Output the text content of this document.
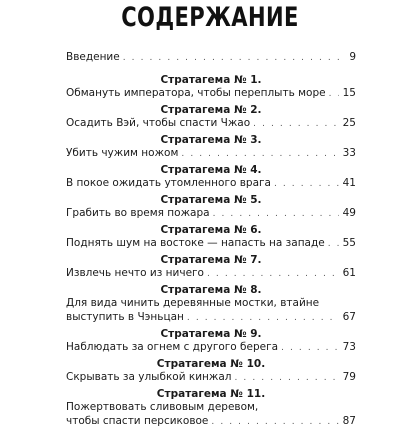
СОДЕРЖАНИЕ
Введение . . .	9
Стратагема № 1.
Обмануть императора, чтобы переплыть море . . . 15
Стратагема № 2.
Осадить Вэй, чтобы спасти Чжао . . .	25
Стратагема № 3.
Убить чужим ножом . . .	33
Стратагема № 4.
В покое ожидать утомленного врага . . .	41
Стратагема № 5.
Грабить во время пожара . . .	49
Стратагема № 6.
Поднять шум на востоке — напасть на западе . . . 55
Стратагема № 7.
Извлечь нечто из ничего . . .	61
Стратагема № 8.
Для вида чинить деревянные мостки, втайне
выступить в Чэньцан . . .	67
Стратагема № 9.
Наблюдать за огнем с другого берега . . .	73
Стратагема № 10.
Скрывать за улыбкой кинжал . . .	79
Стратагема № 11.
Пожертвовать сливовым деревом,
чтобы спасти персиковое . . .	87
